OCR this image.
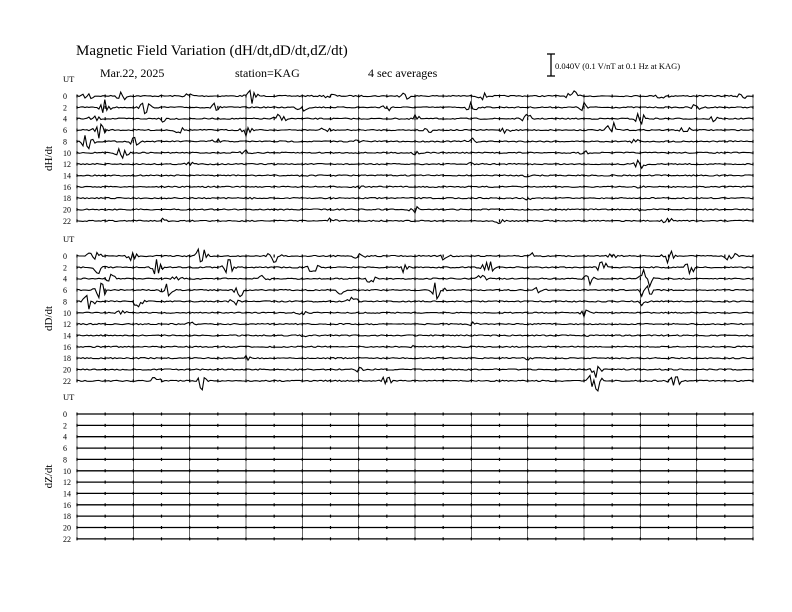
Magnetic Field Variation (dH/dt,dD/dt,dZ/dt)
Mar.22, 2025	station=KAG	4 sec averages	0.040V (0.1 V/nT at 0.1 Hz at KAG)
UT
dH/dt
0
2
4
6
8
10
12
14
16
18
20
22
UT
dD/dt
0
2
4
6
8
10
12
14
16
18
20
22
UT
dZ/dt
0
2
4
6
8
10
12
14
16
18
20
22
